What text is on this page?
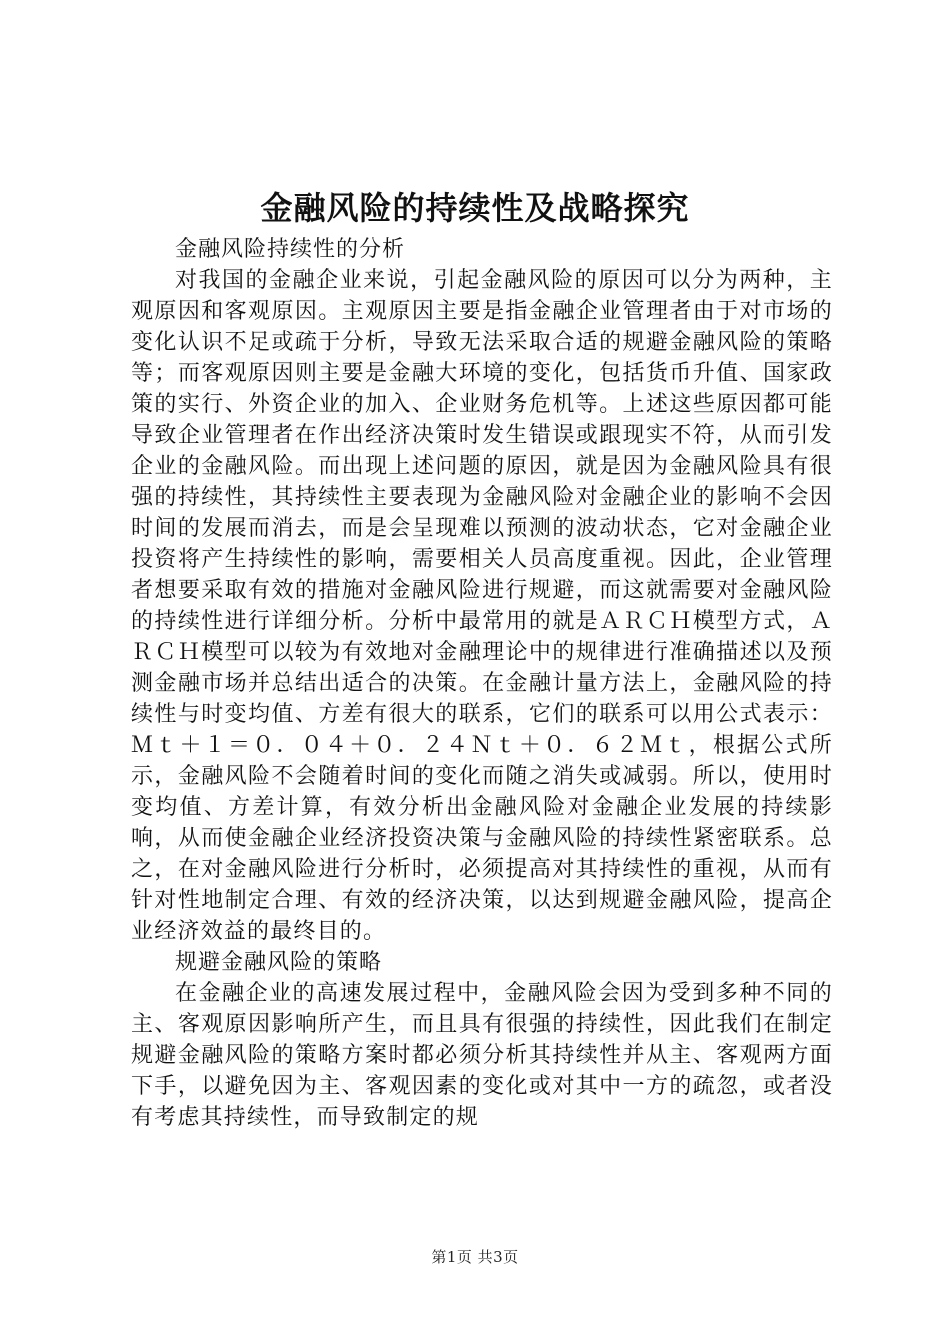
金融风险的持续性及战略探究

金融风险持续性的分析

对我国的金融企业来说，引起金融风险的原因可以分为两种，主观原因和客观原因。主观原因主要是指金融企业管理者由于对市场的变化认识不足或疏于分析，导致无法采取合适的规避金融风险的策略等；而客观原因则主要是金融大环境的变化，包括货币升值、国家政策的实行、外资企业的加入、企业财务危机等。上述这些原因都可能导致企业管理者在作出经济决策时发生错误或跟现实不符，从而引发企业的金融风险。而出现上述问题的原因，就是因为金融风险具有很强的持续性，其持续性主要表现为金融风险对金融企业的影响不会因时间的发展而消去，而是会呈现难以预测的波动状态，它对金融企业投资将产生持续性的影响，需要相关人员高度重视。因此，企业管理者想要采取有效的措施对金融风险进行规避，而这就需要对金融风险的持续性进行详细分析。分析中最常用的就是ＡＲＣＨ模型方式，ＡＲＣＨ模型可以较为有效地对金融理论中的规律进行准确描述以及预测金融市场并总结出适合的决策。在金融计量方法上，金融风险的持续性与时变均值、方差有很大的联系，它们的联系可以用公式表示：Ｍｔ＋１＝０．０４＋０．２４Ｎｔ＋０．６２Ｍｔ，根据公式所示，金融风险不会随着时间的变化而随之消失或减弱。所以，使用时变均值、方差计算，有效分析出金融风险对金融企业发展的持续影响，从而使金融企业经济投资决策与金融风险的持续性紧密联系。总之，在对金融风险进行分析时，必须提高对其持续性的重视，从而有针对性地制定合理、有效的经济决策，以达到规避金融风险，提高企业经济效益的最终目的。

规避金融风险的策略

在金融企业的高速发展过程中，金融风险会因为受到多种不同的主、客观原因影响所产生，而且具有很强的持续性，因此我们在制定规避金融风险的策略方案时都必须分析其持续性并从主、客观两方面下手，以避免因为主、客观因素的变化或对其中一方的疏忽，或者没有考虑其持续性，而导致制定的规

第1页 共3页
